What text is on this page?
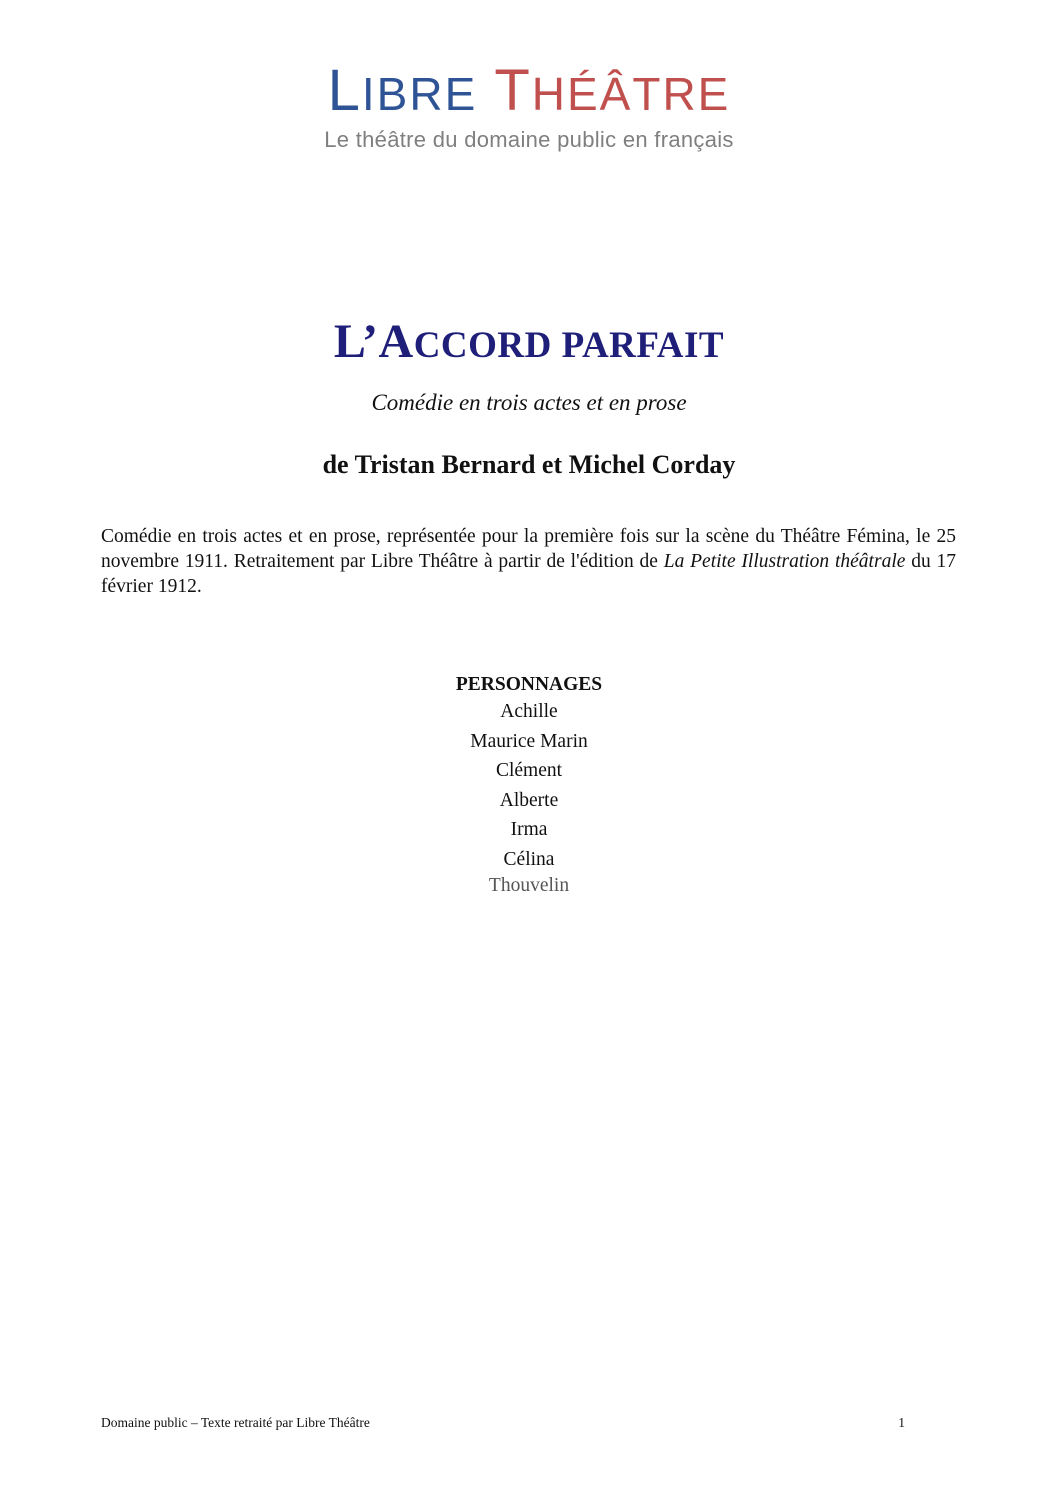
LIBRE THÉÂTRE
Le théâtre du domaine public en français
L’ACCORD PARFAIT
Comédie en trois actes et en prose
de Tristan Bernard et Michel Corday
Comédie en trois actes et en prose, représentée pour la première fois sur la scène du Théâtre Fémina, le 25 novembre 1911. Retraitement par Libre Théâtre à partir de l'édition de La Petite Illustration théâtrale du 17 février 1912.
PERSONNAGES
Achille
Maurice Marin
Clément
Alberte
Irma
Célina
Thouvelin
Domaine public – Texte retraité par Libre Théâtre	1
